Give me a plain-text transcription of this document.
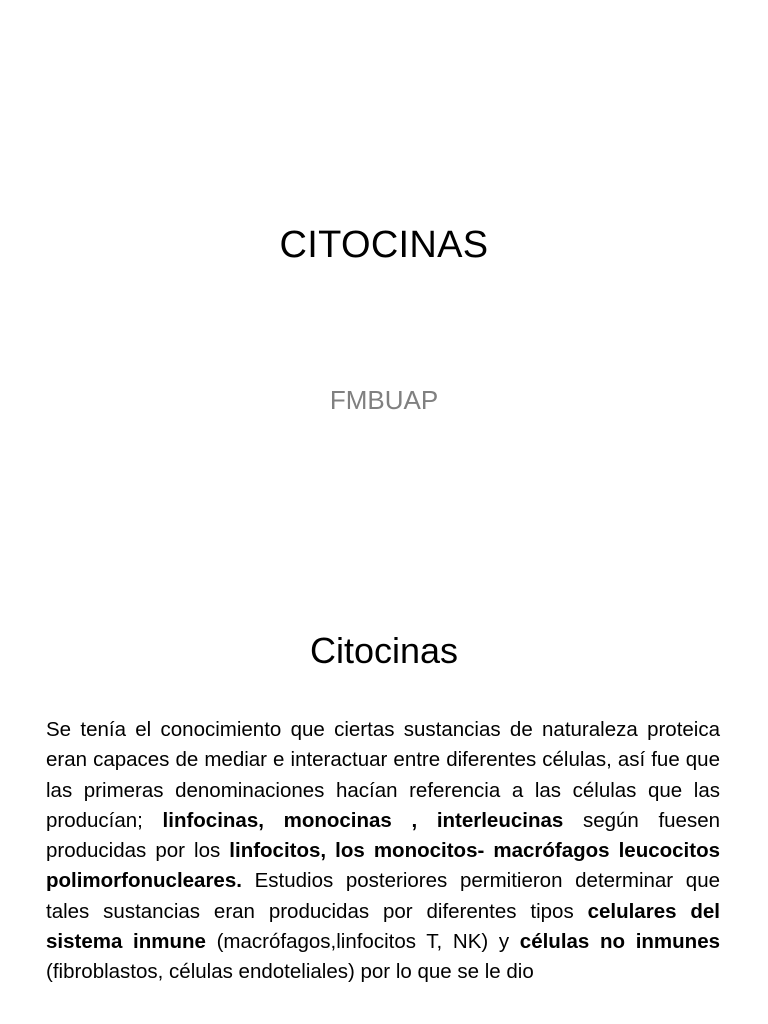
CITOCINAS
FMBUAP
Citocinas

Se tenía el conocimiento que ciertas sustancias de naturaleza proteica eran capaces de mediar e interactuar entre diferentes células, así fue que las primeras denominaciones hacían referencia a las células que las producían; linfocinas, monocinas , interleucinas según fuesen producidas por los linfocitos, los monocitos- macrófagos leucocitos polimorfonucleares. Estudios posteriores permitieron determinar que tales sustancias eran producidas por diferentes tipos celulares del sistema inmune (macrófagos,linfocitos T, NK) y células no inmunes (fibroblastos, células endoteliales) por lo que se le dio
